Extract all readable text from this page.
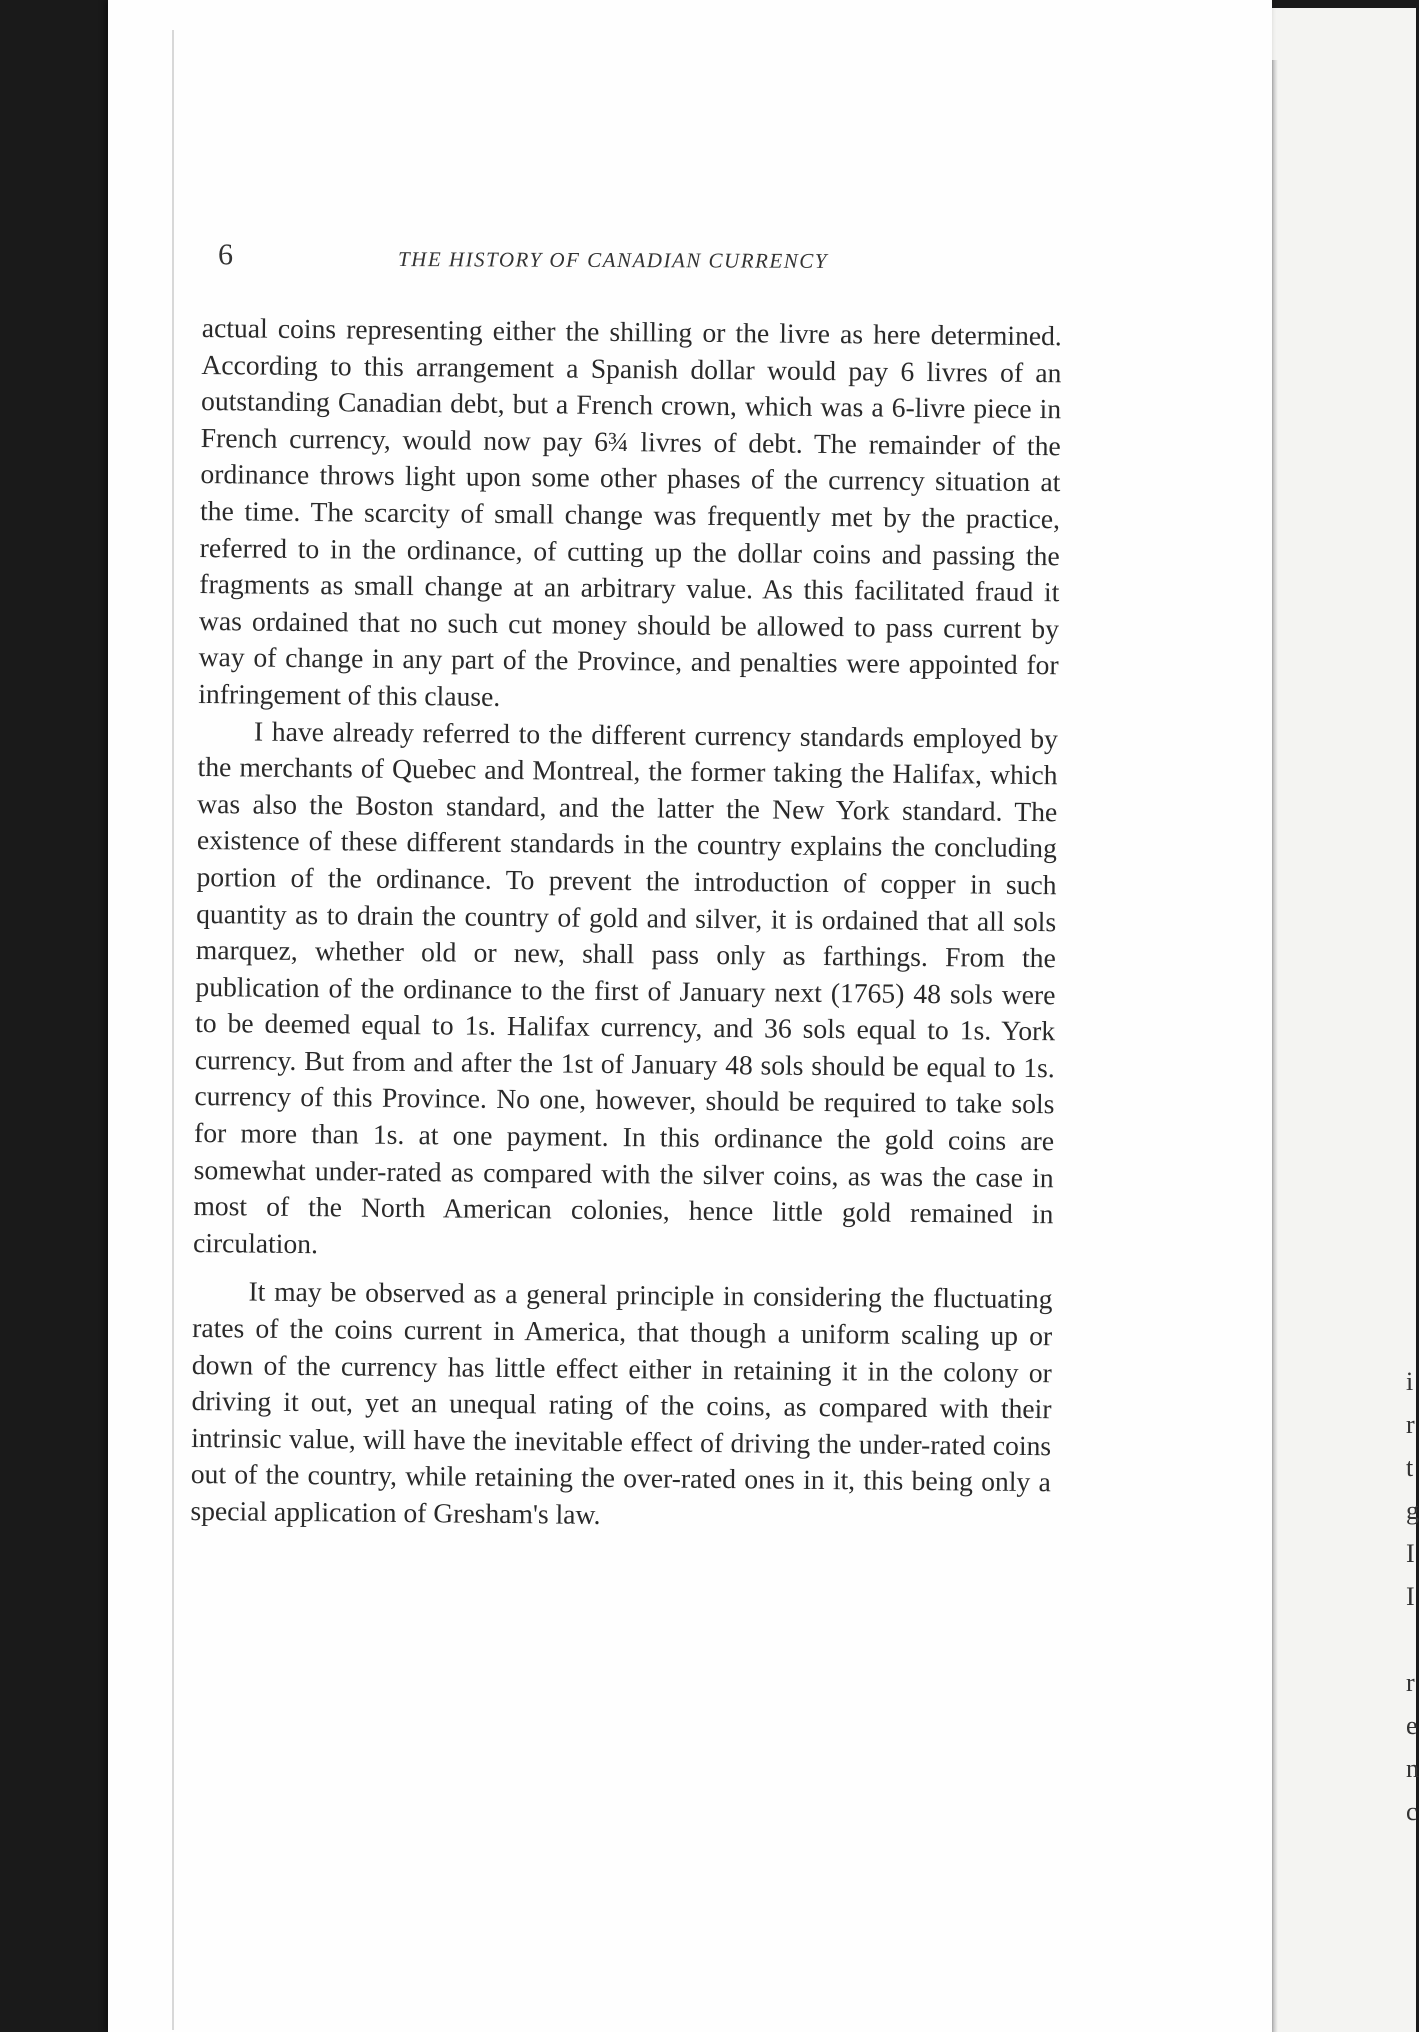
i
r
t
g
I
I
r
e
n
c
6	THE HISTORY OF CANADIAN CURRENCY

actual coins representing either the shilling or the livre as here determined. According to this arrangement a Spanish dollar would pay 6 livres of an outstanding Canadian debt, but a French crown, which was a 6-livre piece in French currency, would now pay 6¾ livres of debt. The remainder of the ordinance throws light upon some other phases of the currency situation at the time. The scarcity of small change was frequently met by the practice, referred to in the ordinance, of cutting up the dollar coins and passing the fragments as small change at an arbitrary value. As this facilitated fraud it was ordained that no such cut money should be allowed to pass current by way of change in any part of the Province, and penalties were appointed for infringement of this clause.

I have already referred to the different currency standards employed by the merchants of Quebec and Montreal, the former taking the Halifax, which was also the Boston standard, and the latter the New York standard. The existence of these different standards in the country explains the concluding portion of the ordinance. To prevent the introduction of copper in such quantity as to drain the country of gold and silver, it is ordained that all sols marquez, whether old or new, shall pass only as farthings. From the publication of the ordinance to the first of January next (1765) 48 sols were to be deemed equal to 1s. Halifax currency, and 36 sols equal to 1s. York currency. But from and after the 1st of January 48 sols should be equal to 1s. currency of this Province. No one, however, should be required to take sols for more than 1s. at one payment. In this ordinance the gold coins are somewhat under-rated as compared with the silver coins, as was the case in most of the North American colonies, hence little gold remained in circulation.

It may be observed as a general principle in considering the fluctuating rates of the coins current in America, that though a uniform scaling up or down of the currency has little effect either in retaining it in the colony or driving it out, yet an unequal rating of the coins, as compared with their intrinsic value, will have the inevitable effect of driving the under-rated coins out of the country, while retaining the over-rated ones in it, this being only a special application of Gresham's law.
